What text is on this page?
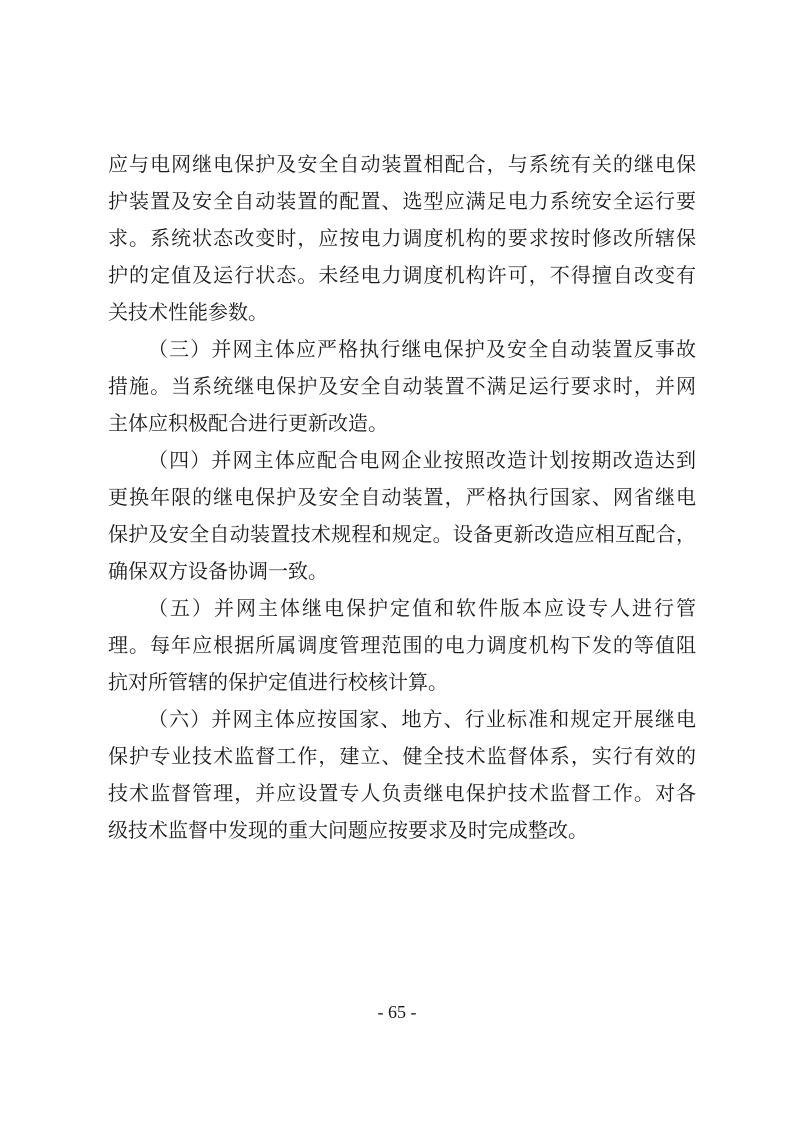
应与电网继电保护及安全自动装置相配合，与系统有关的继电保
护装置及安全自动装置的配置、选型应满足电力系统安全运行要
求。系统状态改变时，应按电力调度机构的要求按时修改所辖保
护的定值及运行状态。未经电力调度机构许可，不得擅自改变有
关技术性能参数。
（三）并网主体应严格执行继电保护及安全自动装置反事故
措施。当系统继电保护及安全自动装置不满足运行要求时，并网
主体应积极配合进行更新改造。
（四）并网主体应配合电网企业按照改造计划按期改造达到
更换年限的继电保护及安全自动装置，严格执行国家、网省继电
保护及安全自动装置技术规程和规定。设备更新改造应相互配合，
确保双方设备协调一致。
（五）并网主体继电保护定值和软件版本应设专人进行管
理。每年应根据所属调度管理范围的电力调度机构下发的等值阻
抗对所管辖的保护定值进行校核计算。
（六）并网主体应按国家、地方、行业标准和规定开展继电
保护专业技术监督工作，建立、健全技术监督体系，实行有效的
技术监督管理，并应设置专人负责继电保护技术监督工作。对各
级技术监督中发现的重大问题应按要求及时完成整改。
- 65 -
